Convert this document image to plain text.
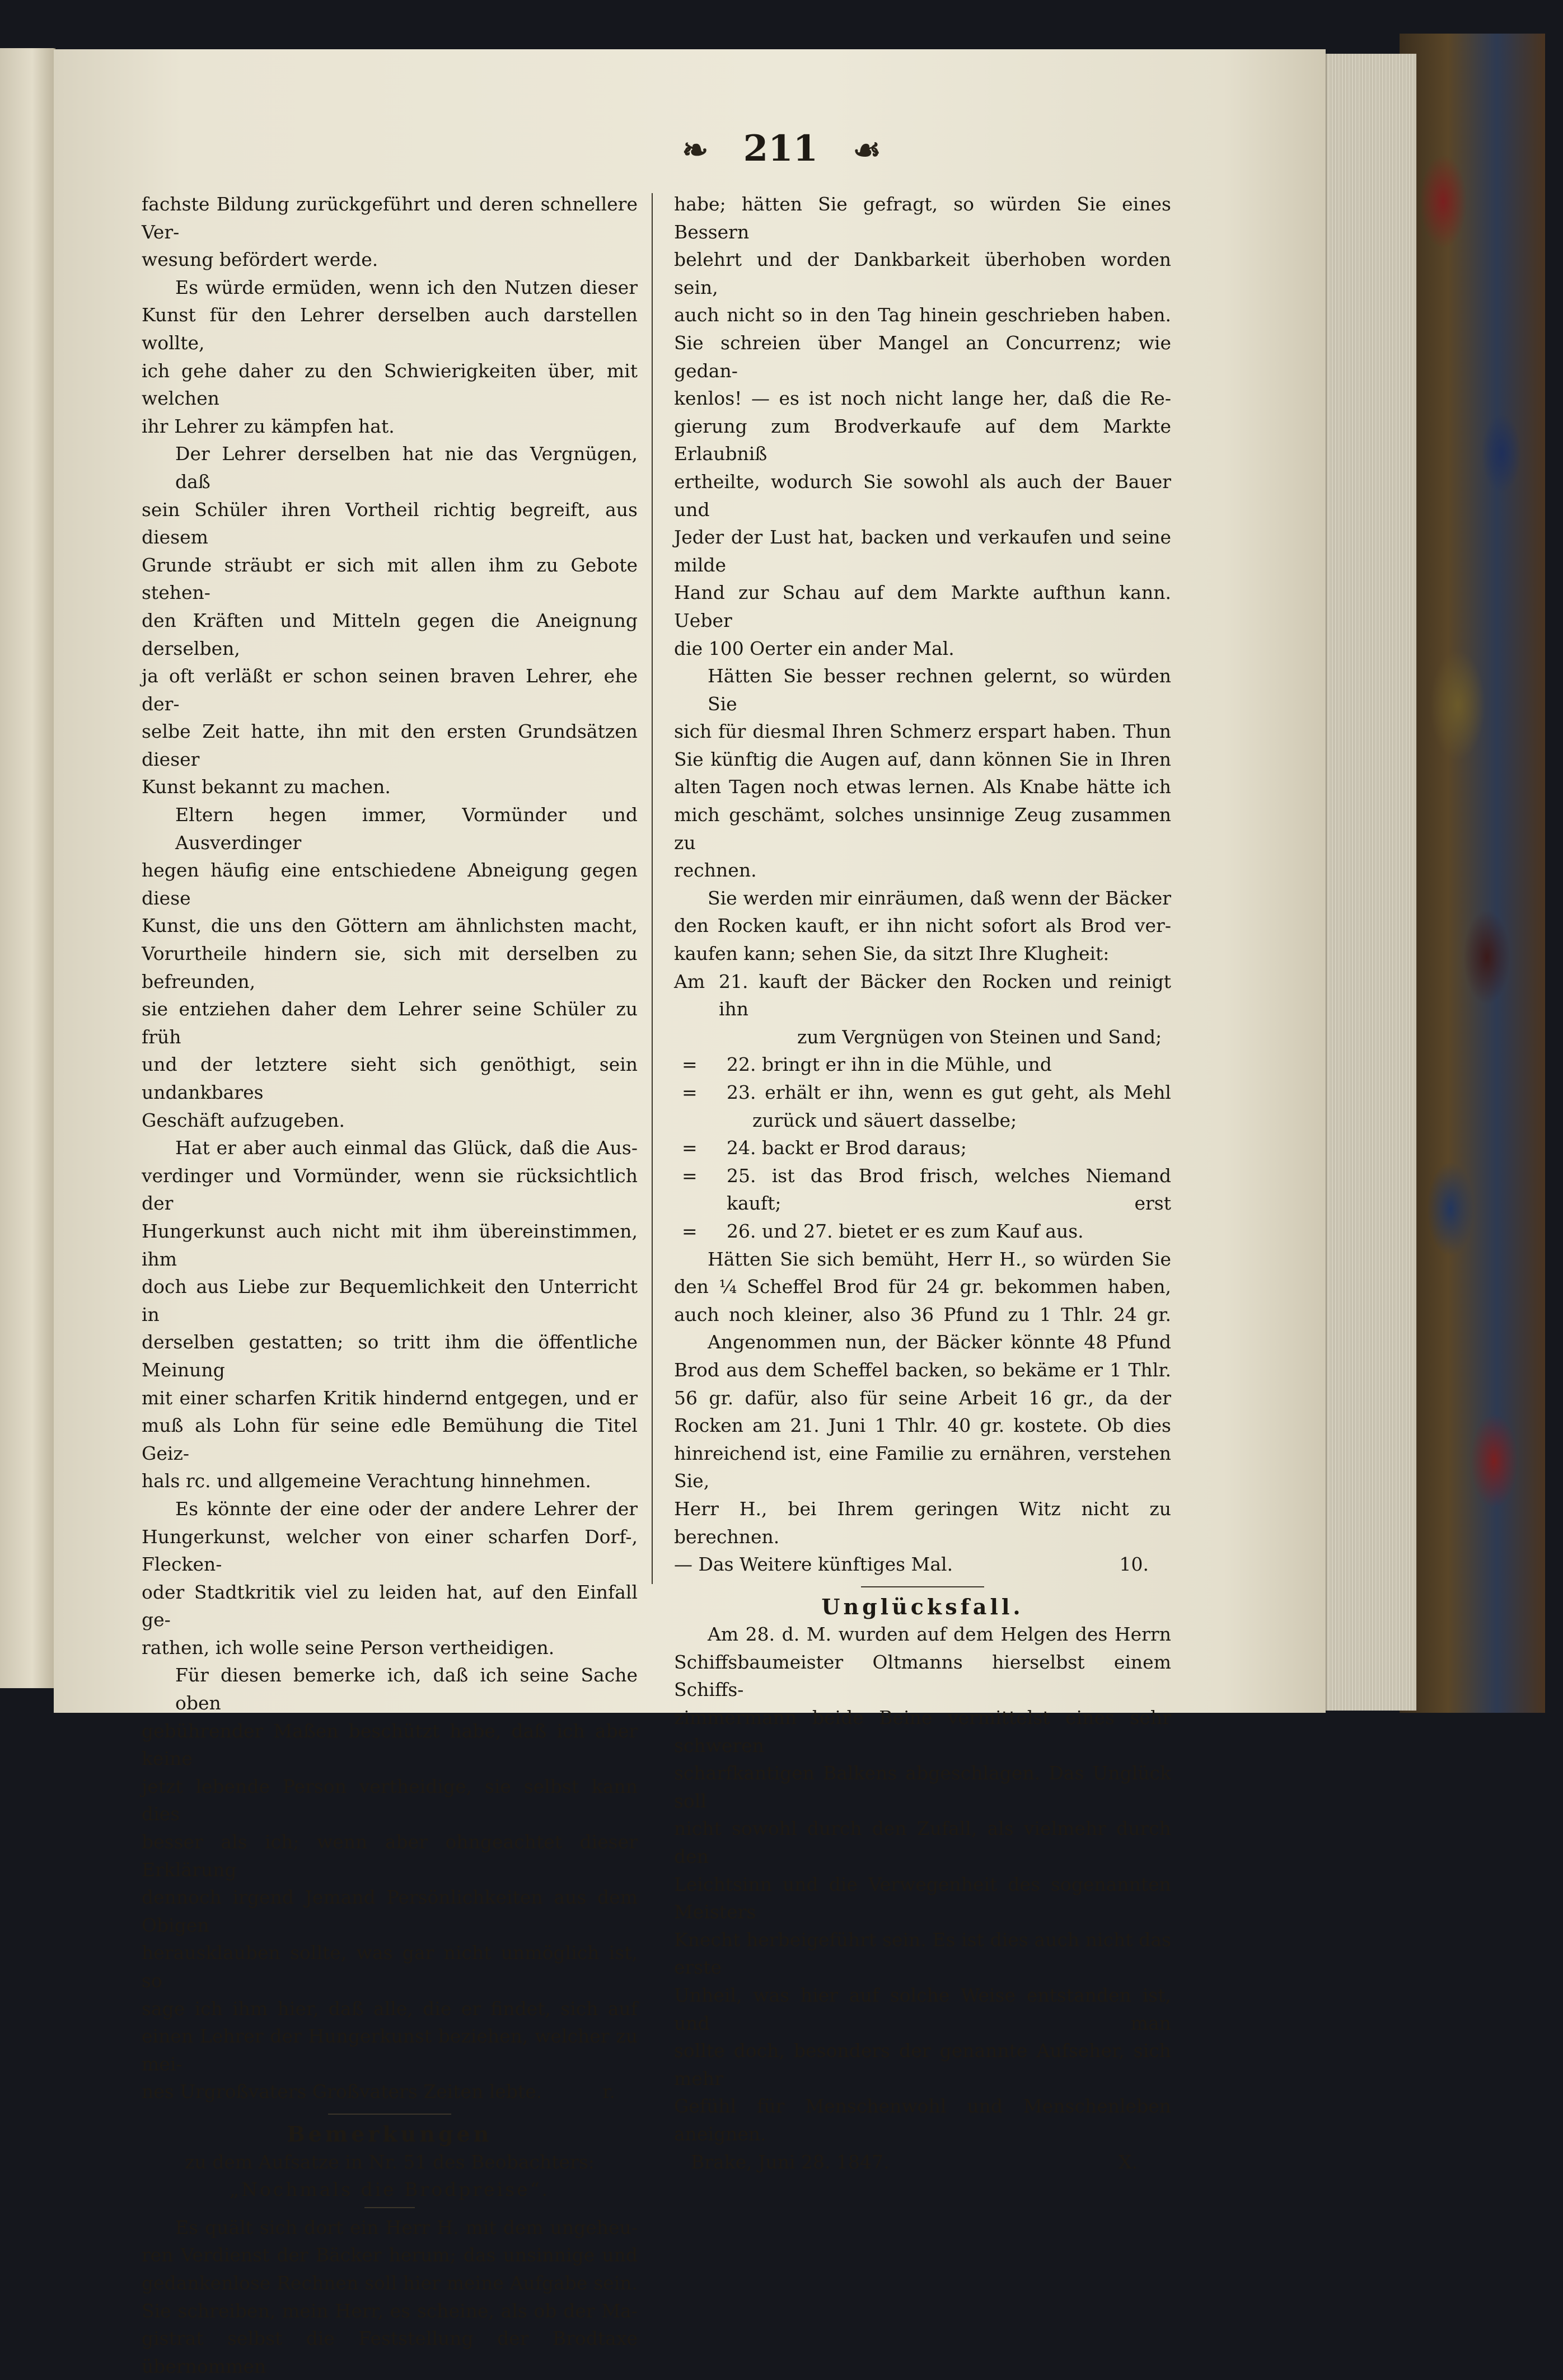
❧ 211 ☙

fachste Bildung zurückgeführt und deren schnellere Ver-

wesung befördert werde.

Es würde ermüden, wenn ich den Nutzen dieser

Kunst für den Lehrer derselben auch darstellen wollte,

ich gehe daher zu den Schwierigkeiten über, mit welchen

ihr Lehrer zu kämpfen hat.

Der Lehrer derselben hat nie das Vergnügen, daß

sein Schüler ihren Vortheil richtig begreift, aus diesem

Grunde sträubt er sich mit allen ihm zu Gebote stehen-

den Kräften und Mitteln gegen die Aneignung derselben,

ja oft verläßt er schon seinen braven Lehrer, ehe der-

selbe Zeit hatte, ihn mit den ersten Grundsätzen dieser

Kunst bekannt zu machen.

Eltern hegen immer, Vormünder und Ausverdinger

hegen häufig eine entschiedene Abneigung gegen diese

Kunst, die uns den Göttern am ähnlichsten macht,

Vorurtheile hindern sie, sich mit derselben zu befreunden,

sie entziehen daher dem Lehrer seine Schüler zu früh

und der letztere sieht sich genöthigt, sein undankbares

Geschäft aufzugeben.

Hat er aber auch einmal das Glück, daß die Aus-

verdinger und Vormünder, wenn sie rücksichtlich der

Hungerkunst auch nicht mit ihm übereinstimmen, ihm

doch aus Liebe zur Bequemlichkeit den Unterricht in

derselben gestatten; so tritt ihm die öffentliche Meinung

mit einer scharfen Kritik hindernd entgegen, und er

muß als Lohn für seine edle Bemühung die Titel Geiz-

hals rc. und allgemeine Verachtung hinnehmen.

Es könnte der eine oder der andere Lehrer der

Hungerkunst, welcher von einer scharfen Dorf-, Flecken-

oder Stadtkritik viel zu leiden hat, auf den Einfall ge-

rathen, ich wolle seine Person vertheidigen.

Für diesen bemerke ich, daß ich seine Sache oben

gebührender Maßen beschützt habe, daß ich aber keine

jetzt lebende Person vertheidige, sie selbst kann dies

besser als ich; wenn aber ohngeachtet dieser Erklärung

dennoch irgend Jemand Persönlichkeiten aus dem Obigen

herausklauben sollte, was gar nicht unmöglich ist, so

sage ich ihm hier, daß alle, die er findet, sich auf

einen Lehrer der Hungerkunst beziehen, welcher zu mei-

nes Urgroßvaters Großvaters Zeiten lebte.	r.

Bemerkungen

zu dem Aufsatze in Nr. 51 des Beobachters:

„Nochmals die Brodpreise“.

Es quält sich dort ein Herr H. mit dem ungeheu-

ren Verdienst der Bäcker herum; das unsinnige und

gedankenlose Rechnen soll hier meine Aufgabe sein.

Sie schreiben, mein Herr, es scheine, als ob der Ma-

gistrat selbst die Feststellung der Brodtaxe übernommen

habe; hätten Sie gefragt, so würden Sie eines Bessern

belehrt und der Dankbarkeit überhoben worden sein,

auch nicht so in den Tag hinein geschrieben haben.

Sie schreien über Mangel an Concurrenz; wie gedan-

kenlos! — es ist noch nicht lange her, daß die Re-

gierung zum Brodverkaufe auf dem Markte Erlaubniß

ertheilte, wodurch Sie sowohl als auch der Bauer und

Jeder der Lust hat, backen und verkaufen und seine milde

Hand zur Schau auf dem Markte aufthun kann. Ueber

die 100 Oerter ein ander Mal.

Hätten Sie besser rechnen gelernt, so würden Sie

sich für diesmal Ihren Schmerz erspart haben. Thun

Sie künftig die Augen auf, dann können Sie in Ihren

alten Tagen noch etwas lernen. Als Knabe hätte ich

mich geschämt, solches unsinnige Zeug zusammen zu

rechnen.

Sie werden mir einräumen, daß wenn der Bäcker

den Rocken kauft, er ihn nicht sofort als Brod ver-

kaufen kann; sehen Sie, da sitzt Ihre Klugheit:

Am 21. kauft der Bäcker den Rocken und reinigt ihn
zum Vergnügen von Steinen und Sand;
=	22. bringt er ihn in die Mühle, und
=	23. erhält er ihn, wenn es gut geht, als Mehl
zurück und säuert dasselbe;
=	24. backt er Brod daraus;
=	25. ist das Brod frisch, welches Niemand kauft; erst
=	26. und 27. bietet er es zum Kauf aus.

Hätten Sie sich bemüht, Herr H., so würden Sie

den ¼ Scheffel Brod für 24 gr. bekommen haben,

auch noch kleiner, also 36 Pfund zu 1 Thlr. 24 gr.

Angenommen nun, der Bäcker könnte 48 Pfund

Brod aus dem Scheffel backen, so bekäme er 1 Thlr.

56 gr. dafür, also für seine Arbeit 16 gr., da der

Rocken am 21. Juni 1 Thlr. 40 gr. kostete. Ob dies

hinreichend ist, eine Familie zu ernähren, verstehen Sie,

Herr H., bei Ihrem geringen Witz nicht zu berechnen.

— Das Weitere künftiges Mal.	10.

Unglücksfall.

Am 28. d. M. wurden auf dem Helgen des Herrn

Schiffsbaumeister Oltmanns hierselbst einem Schiffs-

zimmermann beide Beine vermittelst eines sehr schweren

scharfkantigen Balkens abgeschlagen. Das Unglück soll

nicht sowohl durch den Zufall, als vielmehr durch den

Leichtsinn und die Verwegenheit des sogenannten Meisters

Knecht herbeigeführt sein. Es ist dies auch nicht das erste

Unheil, was hier auf solche Weise entstanden ist, und man

sollte doch, besonders der genannte Aufseher, sich mehr

Gefühl für Menschenwohl und Menschenleben aneignen.

Brake, Juni 28. 1847.	X.
